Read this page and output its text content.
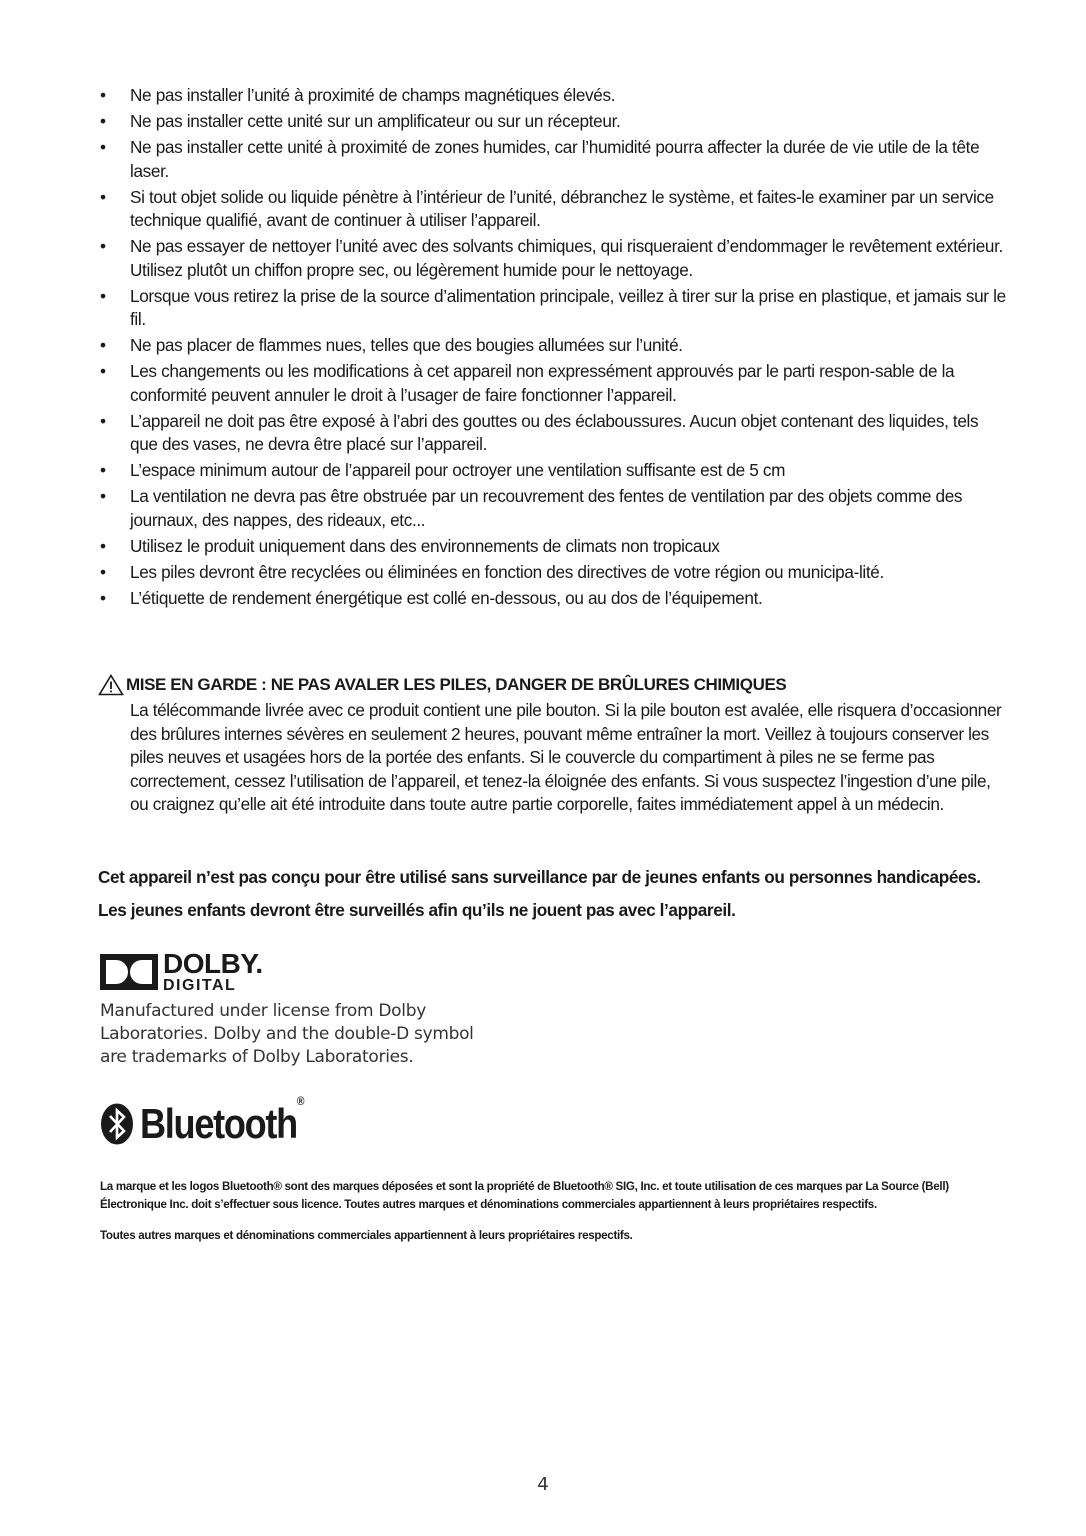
• Ne pas installer l’unité à proximité de champs magnétiques élevés.
• Ne pas installer cette unité sur un amplificateur ou sur un récepteur.
• Ne pas installer cette unité à proximité de zones humides, car l’humidité pourra affecter la durée de vie utile de la tête laser.
• Si tout objet solide ou liquide pénètre à l’intérieur de l’unité, débranchez le système, et faites-le examiner par un service technique qualifié, avant de continuer à utiliser l’appareil.
• Ne pas essayer de nettoyer l’unité avec des solvants chimiques, qui risqueraient d’endommager le revêtement extérieur. Utilisez plutôt un chiffon propre sec, ou légèrement humide pour le nettoyage.
• Lorsque vous retirez la prise de la source d’alimentation principale, veillez à tirer sur la prise en plastique, et jamais sur le fil.
• Ne pas placer de flammes nues, telles que des bougies allumées sur l’unité.
• Les changements ou les modifications à cet appareil non expressément approuvés par le parti respon-sable de la conformité peuvent annuler le droit à l’usager de faire fonctionner l’appareil.
• L’appareil ne doit pas être exposé à l’abri des gouttes ou des éclaboussures. Aucun objet contenant des liquides, tels que des vases, ne devra être placé sur l’appareil.
• L’espace minimum autour de l’appareil pour octroyer une ventilation suffisante est de 5 cm
• La ventilation ne devra pas être obstruée par un recouvrement des fentes de ventilation par des objets comme des journaux, des nappes, des rideaux, etc...
• Utilisez le produit uniquement dans des environnements de climats non tropicaux
• Les piles devront être recyclées ou éliminées en fonction des directives de votre région ou municipa-lité.
• L’étiquette de rendement énergétique est collé en-dessous, ou au dos de l’équipement.
MISE EN GARDE : NE PAS AVALER LES PILES, DANGER DE BRÛLURES CHIMIQUES
La télécommande livrée avec ce produit contient une pile bouton. Si la pile bouton est avalée, elle risquera d’occasionner des brûlures internes sévères en seulement 2 heures, pouvant même entraîner la mort. Veillez à toujours conserver les piles neuves et usagées hors de la portée des enfants. Si le couvercle du compartiment à piles ne se ferme pas correctement, cessez l’utilisation de l’appareil, et tenez-la éloignée des enfants. Si vous suspectez l’ingestion d’une pile, ou craignez qu’elle ait été introduite dans toute autre partie corporelle, faites immédiatement appel à un médecin.

Cet appareil n’est pas conçu pour être utilisé sans surveillance par de jeunes enfants ou personnes handicapées.

Les jeunes enfants devront être surveillés afin qu’ils ne jouent pas avec l’appareil.

DOLBY.
DIGITAL
Manufactured under license from Dolby
Laboratories. Dolby and the double-D symbol
are trademarks of Dolby Laboratories.
Bluetooth®

La marque et les logos Bluetooth® sont des marques déposées et sont la propriété de Bluetooth® SIG, Inc. et toute utilisation de ces marques par La Source (Bell) Électronique Inc. doit s’effectuer sous licence. Toutes autres marques et dénominations commerciales appartiennent à leurs propriétaires respectifs.

Toutes autres marques et dénominations commerciales appartiennent à leurs propriétaires respectifs.

4
